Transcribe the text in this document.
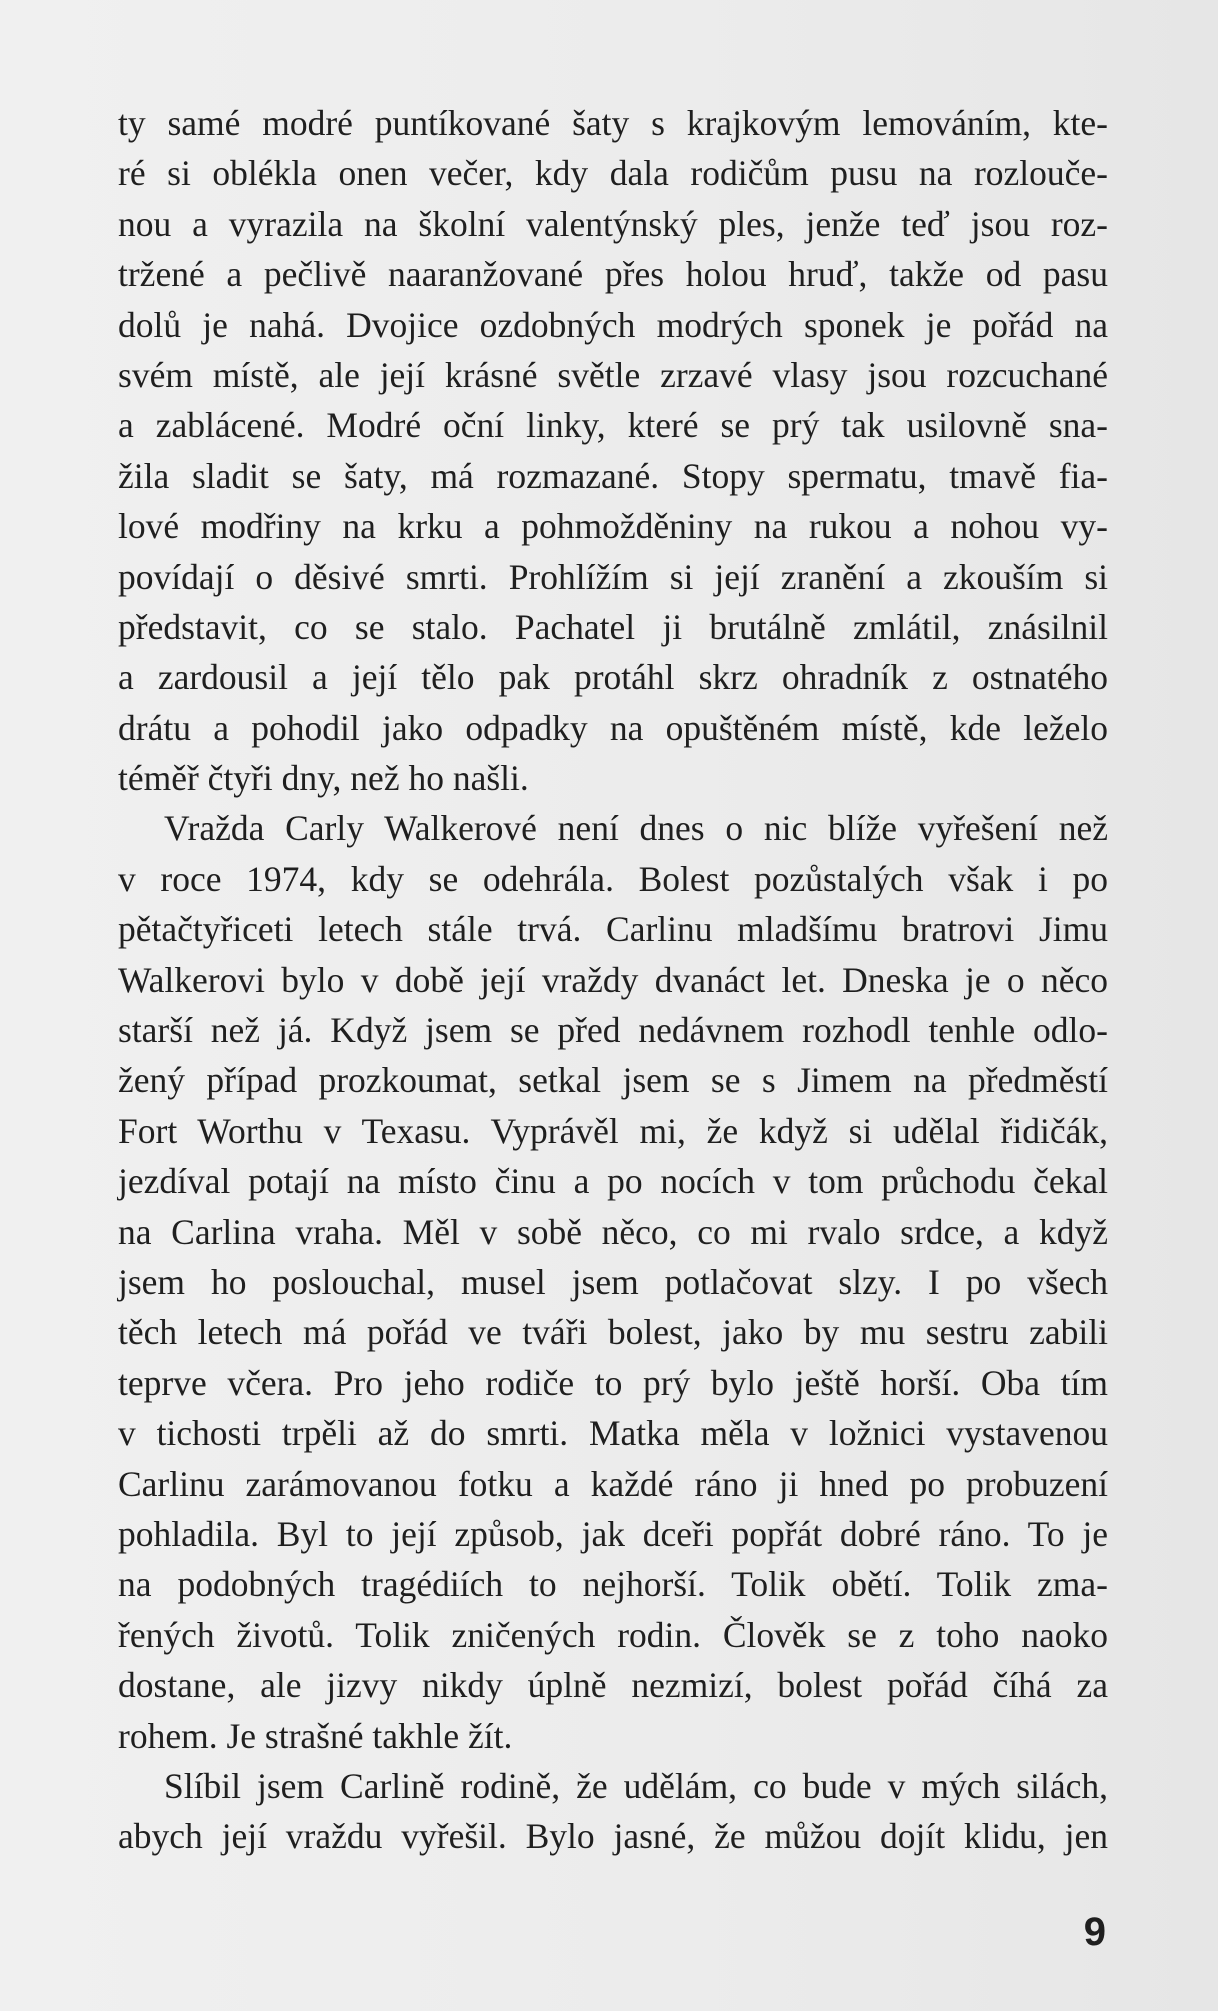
ty samé modré puntíkované šaty s krajkovým lemováním, kte-
ré si oblékla onen večer, kdy dala rodičům pusu na rozlouče-
nou a vyrazila na školní valentýnský ples, jenže teď jsou roz-
tržené a pečlivě naaranžované přes holou hruď, takže od pasu
dolů je nahá. Dvojice ozdobných modrých sponek je pořád na
svém místě, ale její krásné světle zrzavé vlasy jsou rozcuchané
a zablácené. Modré oční linky, které se prý tak usilovně sna-
žila sladit se šaty, má rozmazané. Stopy spermatu, tmavě fia-
lové modřiny na krku a pohmožděniny na rukou a nohou vy-
povídají o děsivé smrti. Prohlížím si její zranění a zkouším si
představit, co se stalo. Pachatel ji brutálně zmlátil, znásilnil
a zardousil a její tělo pak protáhl skrz ohradník z ostnatého
drátu a pohodil jako odpadky na opuštěném místě, kde leželo
téměř čtyři dny, než ho našli.
Vražda Carly Walkerové není dnes o nic blíže vyřešení než
v roce 1974, kdy se odehrála. Bolest pozůstalých však i po
pětačtyřiceti letech stále trvá. Carlinu mladšímu bratrovi Jimu
Walkerovi bylo v době její vraždy dvanáct let. Dneska je o něco
starší než já. Když jsem se před nedávnem rozhodl tenhle odlo-
žený případ prozkoumat, setkal jsem se s Jimem na předměstí
Fort Worthu v Texasu. Vyprávěl mi, že když si udělal řidičák,
jezdíval potají na místo činu a po nocích v tom průchodu čekal
na Carlina vraha. Měl v sobě něco, co mi rvalo srdce, a když
jsem ho poslouchal, musel jsem potlačovat slzy. I po všech
těch letech má pořád ve tváři bolest, jako by mu sestru zabili
teprve včera. Pro jeho rodiče to prý bylo ještě horší. Oba tím
v tichosti trpěli až do smrti. Matka měla v ložnici vystavenou
Carlinu zarámovanou fotku a každé ráno ji hned po probuzení
pohladila. Byl to její způsob, jak dceři popřát dobré ráno. To je
na podobných tragédiích to nejhorší. Tolik obětí. Tolik zma-
řených životů. Tolik zničených rodin. Člověk se z toho naoko
dostane, ale jizvy nikdy úplně nezmizí, bolest pořád číhá za
rohem. Je strašné takhle žít.
Slíbil jsem Carlině rodině, že udělám, co bude v mých silách,
abych její vraždu vyřešil. Bylo jasné, že můžou dojít klidu, jen
9
